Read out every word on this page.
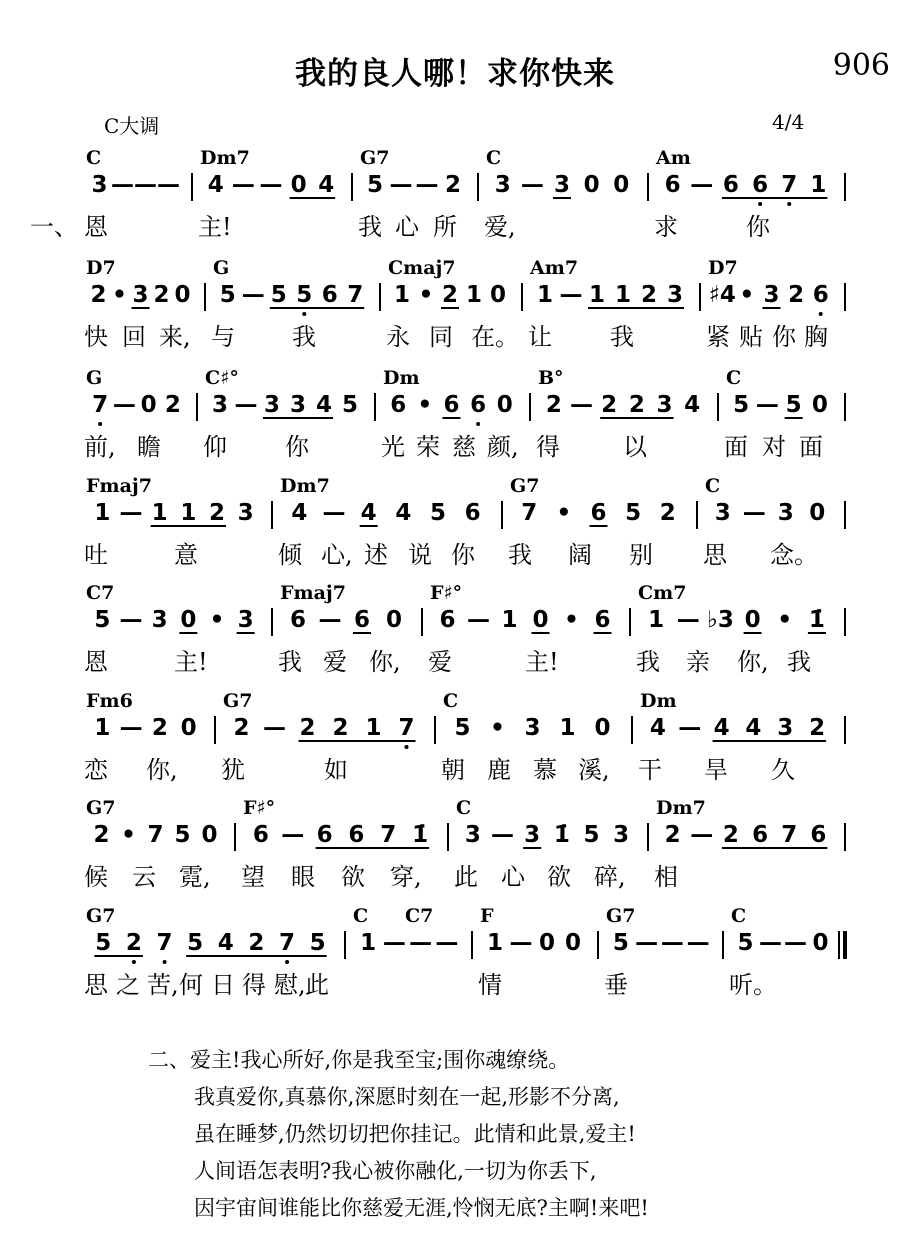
我的良人哪！求你快来	906
C大调	4/4
C	Dm7	G7	C	Am
3 — — — 4 — — 0 4 5 — — 2 3 — 3 0 0 6 — 6 6 7 1
一、 恩	主!	我 心 所 爱,	求	你
D7	G	Cmaj7	Am7	D7
2 • 3 2 0 5 — 5 5 6 7 1 • 2 1 0 1 — 1 1 2 3 ♯4 • 3 2 6
快 回 来, 与 我	永 同 在。 让 我	紧 贴 你 胸
G	C♯°	Dm	B°	C
7 — 0 2 3 — 3 3 4 5 6 • 6 6 0 2 — 2 2 3 4 5 — 5 0
前, 瞻 仰 你	光 荣 慈 颜, 得	以	面 对 面
Fmaj7	Dm7	G7	C
1 — 1 1 2 3 4 — 4 4 5 6 7 • 6 5 2 3 — 3 0
吐	意	倾 心, 述 说 你 我 阔 别 思 念。
C7	Fmaj7	F♯°	Cm7
5 — 3 0 • 3 6 — 6 0 6 — 1 0 • 6 1 — ♭3 0 • 1̇
恩	主!	我 爱 你, 爱	主!	我 亲 你, 我
Fm6	G7	C	Dm
1 — 2 0 2 — 2 2 1 7 5 • 3 1 0 4 — 4 4 3 2
恋 你, 犹	如	朝 鹿 慕 溪, 干 旱 久
G7	F♯°	C	Dm7
2 • 7 5 0 6 — 6 6 7 1̇ 3 — 3 1̇ 5 3 2 — 2 6 7 6
候 云 霓, 望 眼 欲 穿, 此 心 欲 碎, 相
G7	C C7 F	G7	C
5 2 7 5 4 2 7 5 1 — — — 1 — 0 0 5 — — — 5 — — 0
思 之 苦, 何 日 得 慰, 此	情	垂	听。
二、爱主!我心所好,你是我至宝;围你魂缭绕。
我真爱你,真慕你,深愿时刻在一起,形影不分离,
虽在睡梦,仍然切切把你挂记。此情和此景,爱主!
人间语怎表明?我心被你融化,一切为你丢下,
因宇宙间谁能比你慈爱无涯,怜悯无底?主啊!来吧!
